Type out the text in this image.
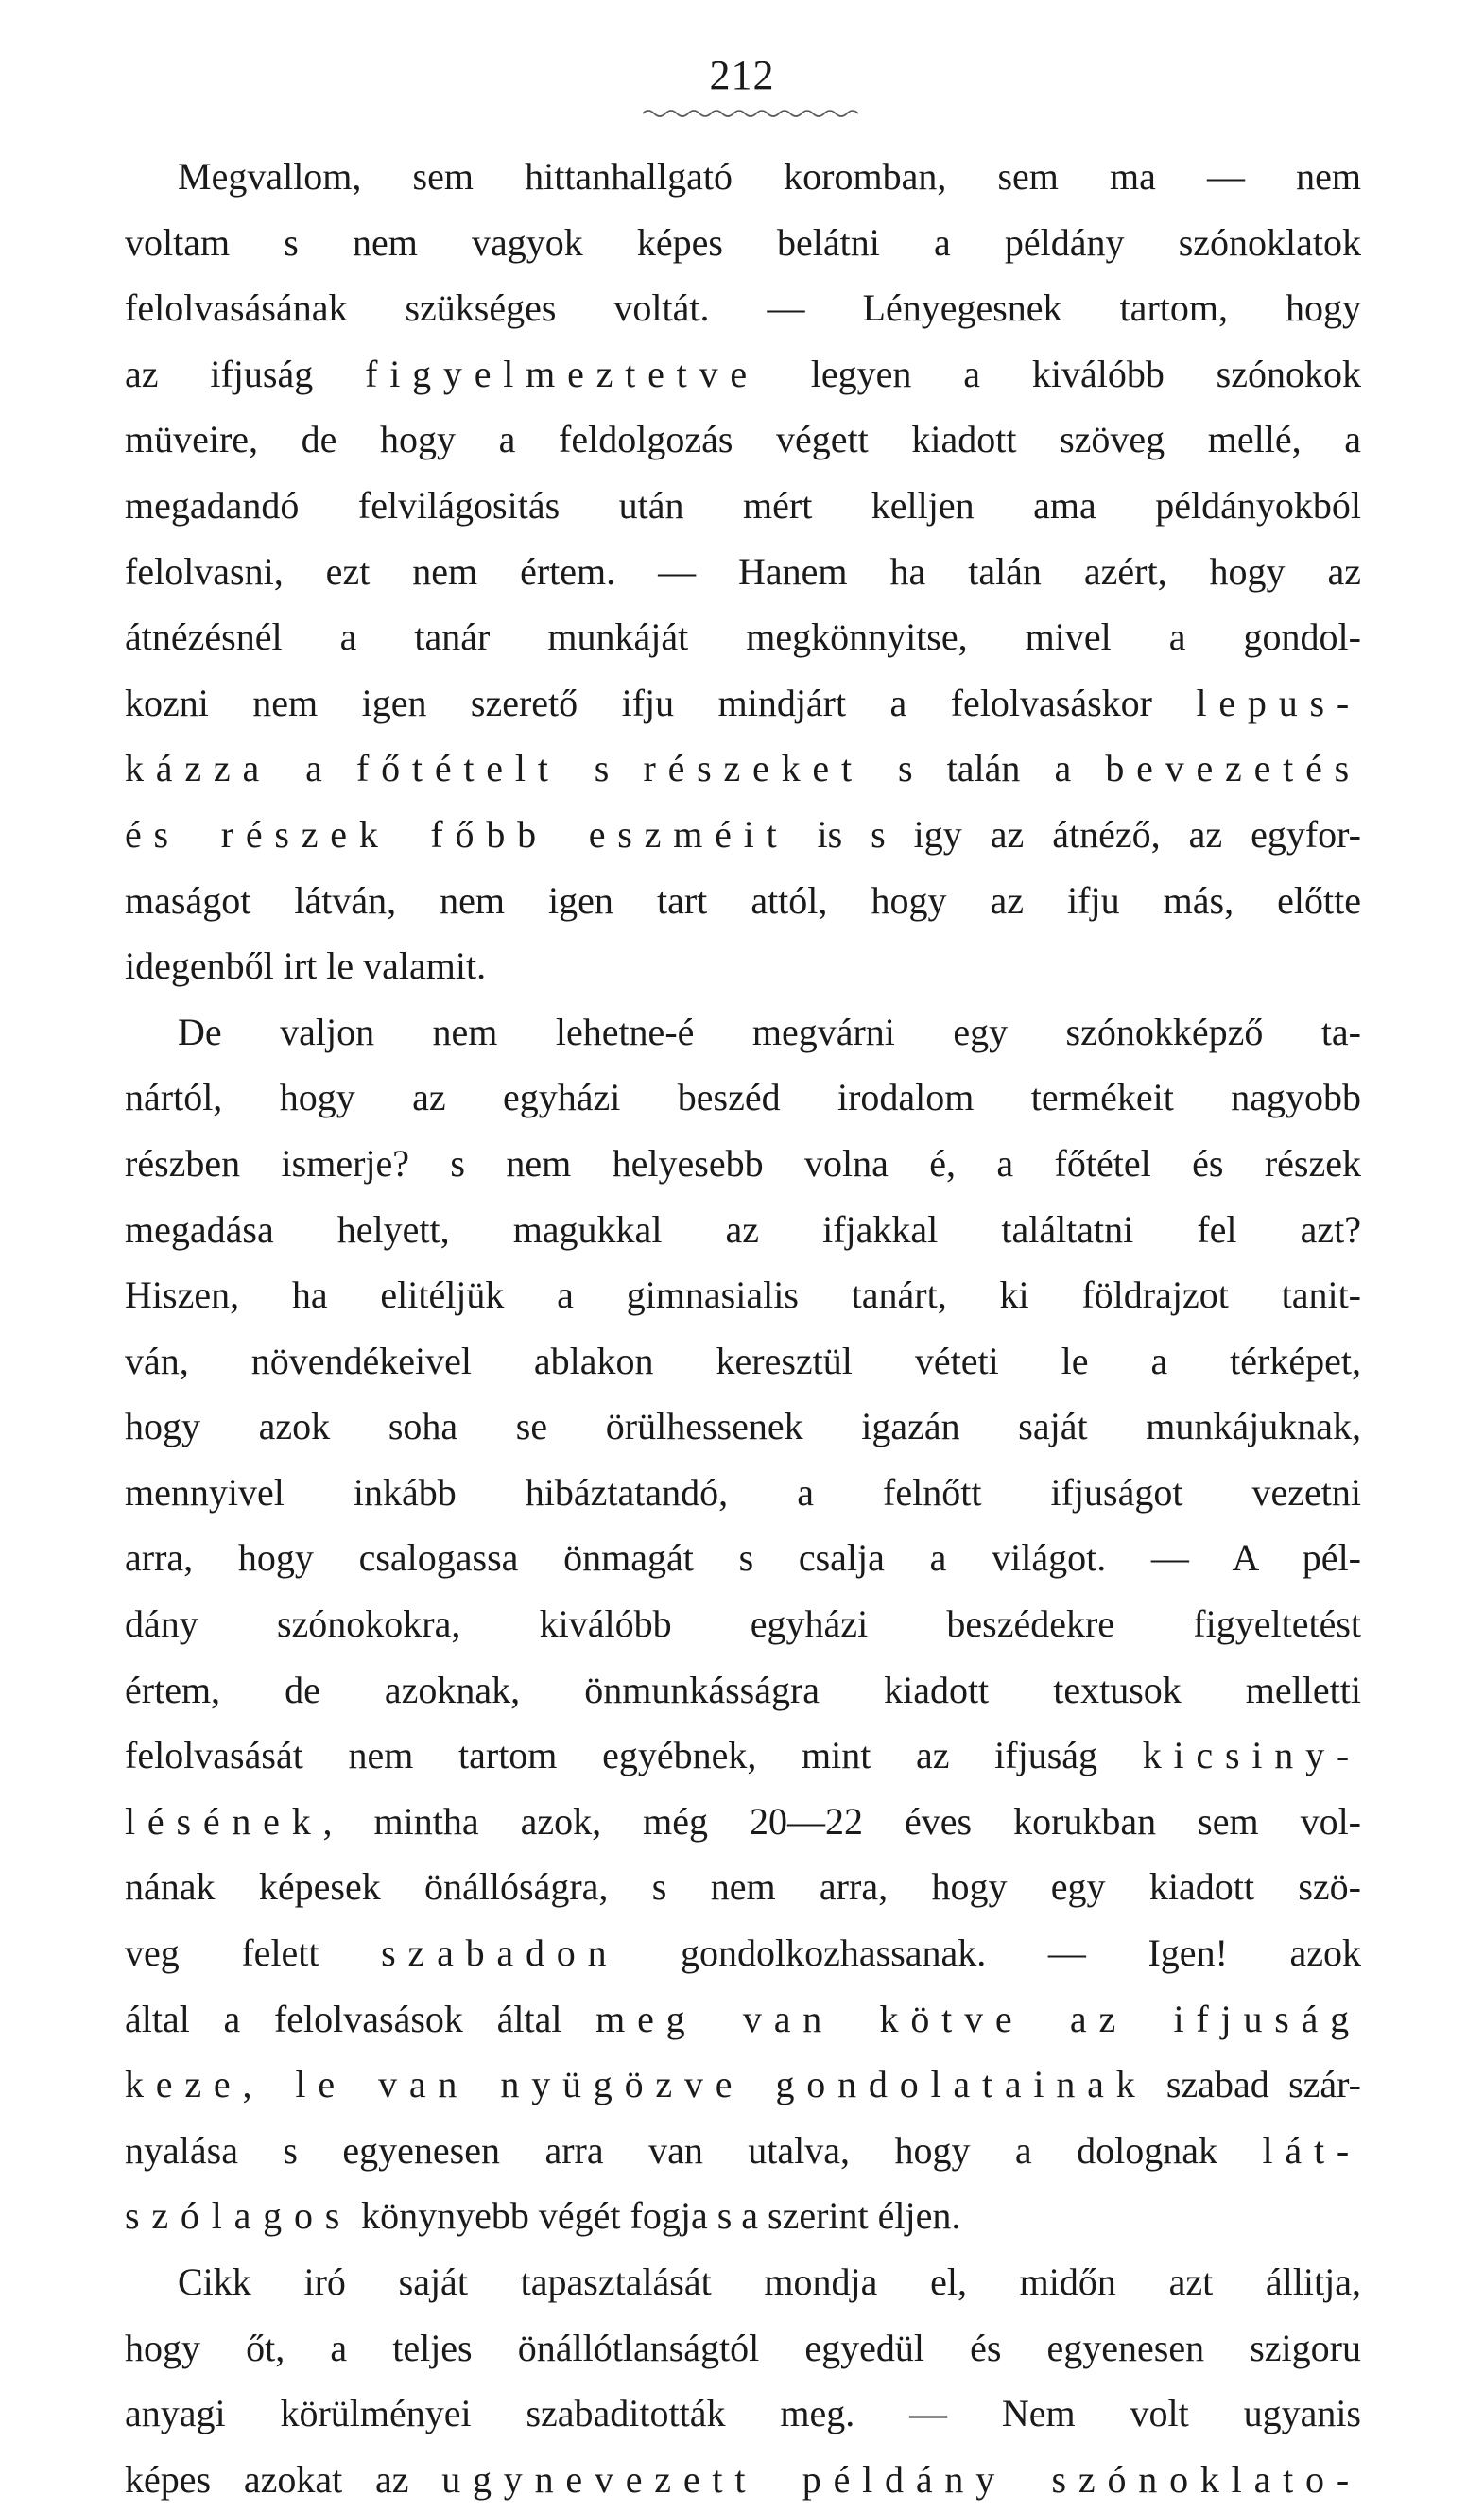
212
Megvallom, sem hittanhallgató koromban, sem ma — nem
voltam s nem vagyok képes belátni a példány szónoklatok
felolvasásának szükséges voltát. — Lényegesnek tartom, hogy
az ifjuság figyelmeztetve legyen a kiválóbb szónokok
müveire, de hogy a feldolgozás végett kiadott szöveg mellé, a
megadandó felvilágositás után mért kelljen ama példányokból
felolvasni, ezt nem értem. — Hanem ha talán azért, hogy az
átnézésnél a tanár munkáját megkönnyitse, mivel a gondol-
kozni nem igen szerető ifju mindjárt a felolvasáskor lepus-
kázza a főtételt s részeket s talán a bevezetés
és részek főbb eszméit is s igy az átnéző, az egyfor-
maságot látván, nem igen tart attól, hogy az ifju más, előtte
idegenből irt le valamit.
De valjon nem lehetne-é megvárni egy szónokképző ta-
nártól, hogy az egyházi beszéd irodalom termékeit nagyobb
részben ismerje? s nem helyesebb volna é, a főtétel és részek
megadása helyett, magukkal az ifjakkal találtatni fel azt?
Hiszen, ha elitéljük a gimnasialis tanárt, ki földrajzot tanit-
ván, növendékeivel ablakon keresztül véteti le a térképet,
hogy azok soha se örülhessenek igazán saját munkájuknak,
mennyivel inkább hibáztatandó, a felnőtt ifjuságot vezetni
arra, hogy csalogassa önmagát s csalja a világot. — A pél-
dány szónokokra, kiválóbb egyházi beszédekre figyeltetést
értem, de azoknak, önmunkásságra kiadott textusok melletti
felolvasását nem tartom egyébnek, mint az ifjuság kicsiny-
lésének, mintha azok, még 20—22 éves korukban sem vol-
nának képesek önállóságra, s nem arra, hogy egy kiadott szö-
veg felett szabadon gondolkozhassanak. — Igen! azok
által a felolvasások által meg van kötve az ifjuság
keze, le van nyügözve gondolatainak szabad szár-
nyalása s egyenesen arra van utalva, hogy a dolognak lát-
szólagos könynyebb végét fogja s a szerint éljen.
Cikk iró saját tapasztalását mondja el, midőn azt állitja,
hogy őt, a teljes önállótlanságtól egyedül és egyenesen szigoru
anyagi körülményei szabaditották meg. — Nem volt ugyanis
képes azokat az ugynevezett példány szónoklato-
